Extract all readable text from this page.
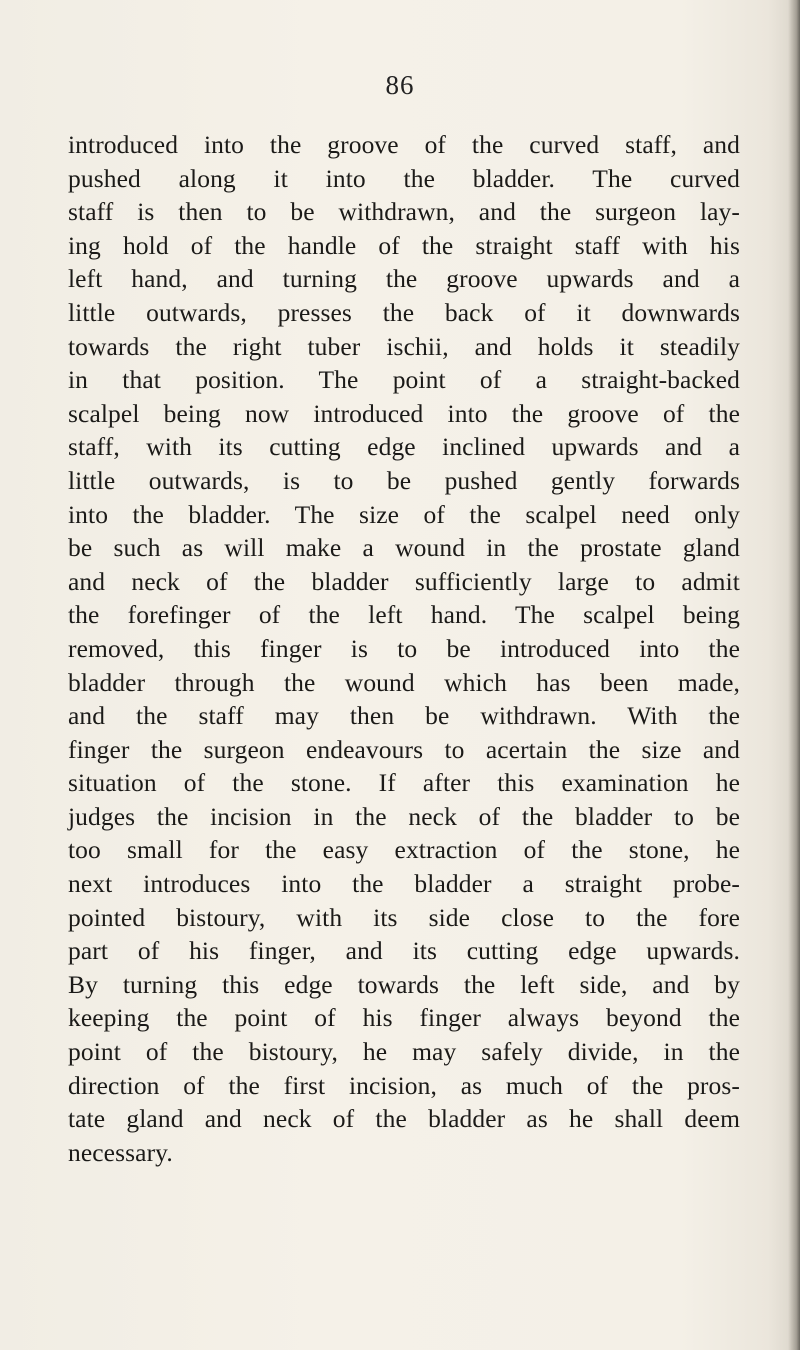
86
introduced into the groove of the curved staff, and
pushed along it into the bladder. The curved
staff is then to be withdrawn, and the surgeon lay-
ing hold of the handle of the straight staff with his
left hand, and turning the groove upwards and a
little outwards, presses the back of it downwards
towards the right tuber ischii, and holds it steadily
in that position. The point of a straight-backed
scalpel being now introduced into the groove of the
staff, with its cutting edge inclined upwards and a
little outwards, is to be pushed gently forwards
into the bladder. The size of the scalpel need only
be such as will make a wound in the prostate gland
and neck of the bladder sufficiently large to admit
the forefinger of the left hand. The scalpel being
removed, this finger is to be introduced into the
bladder through the wound which has been made,
and the staff may then be withdrawn. With the
finger the surgeon endeavours to acertain the size and
situation of the stone. If after this examination he
judges the incision in the neck of the bladder to be
too small for the easy extraction of the stone, he
next introduces into the bladder a straight probe-
pointed bistoury, with its side close to the fore
part of his finger, and its cutting edge upwards.
By turning this edge towards the left side, and by
keeping the point of his finger always beyond the
point of the bistoury, he may safely divide, in the
direction of the first incision, as much of the pros-
tate gland and neck of the bladder as he shall deem
necessary.
